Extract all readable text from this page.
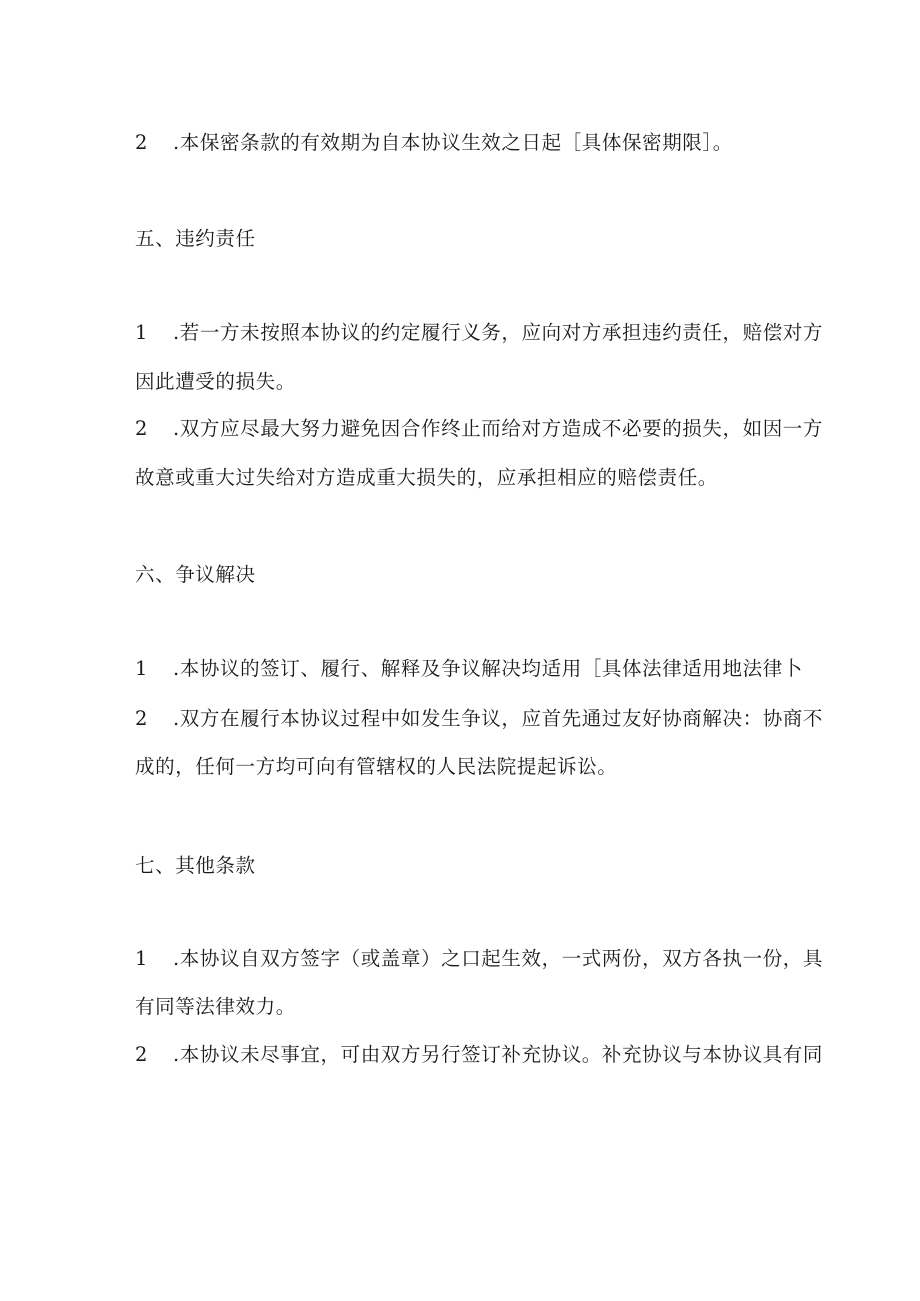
2 .本保密条款的有效期为自本协议生效之日起［具体保密期限］。
五、违约责任
1 .若一方未按照本协议的约定履行义务，应向对方承担违约责任，赔偿对方
因此遭受的损失。
2 .双方应尽最大努力避免因合作终止而给对方造成不必要的损失，如因一方
故意或重大过失给对方造成重大损失的，应承担相应的赔偿责任。
六、争议解决
1 .本协议的签订、履行、解释及争议解决均适用［具体法律适用地法律卜
2 .双方在履行本协议过程中如发生争议，应首先通过友好协商解决：协商不
成的，任何一方均可向有管辖权的人民法院提起诉讼。
七、其他条款
1 .本协议自双方签字（或盖章）之口起生效，一式两份，双方各执一份，具
有同等法律效力。
2 .本协议未尽事宜，可由双方另行签订补充协议。补充协议与本协议具有同
